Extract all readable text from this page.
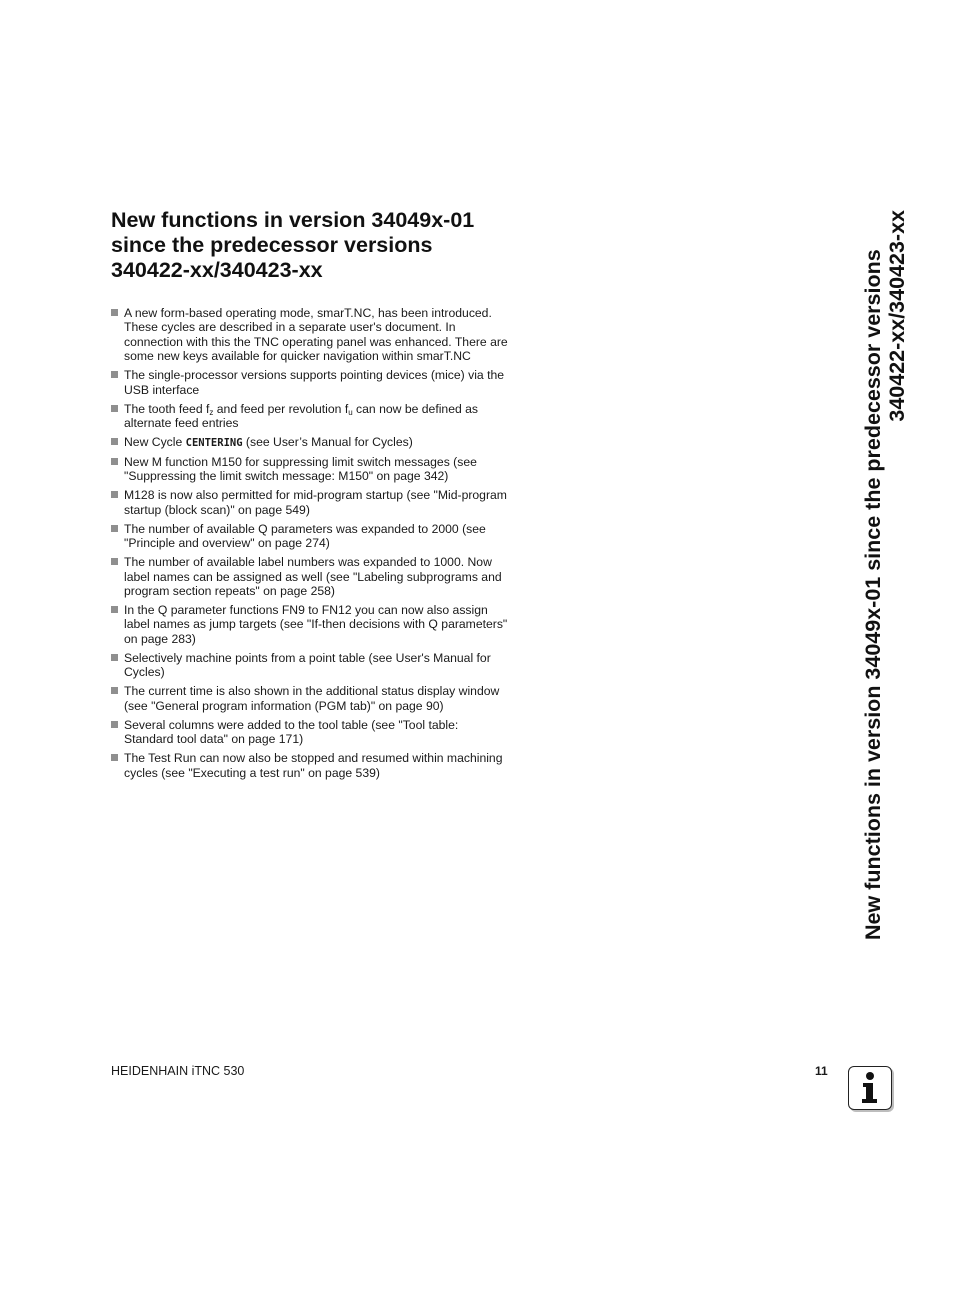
New functions in version 34049x-01
since the predecessor versions
340422-xx/340423-xx
A new form-based operating mode, smarT.NC, has been introduced. These cycles are described in a separate user's document. In connection with this the TNC operating panel was enhanced. There are some new keys available for quicker navigation within smarT.NC
The single-processor versions supports pointing devices (mice) via the USB interface
The tooth feed $f_z$ and feed per revolution $f_u$ can now be defined as alternate feed entries
New Cycle CENTERING (see User’s Manual for Cycles)
New M function M150 for suppressing limit switch messages (see "Suppressing the limit switch message: M150" on page 342)
M128 is now also permitted for mid-program startup (see "Mid-program startup (block scan)" on page 549)
The number of available Q parameters was expanded to 2000 (see "Principle and overview" on page 274)
The number of available label numbers was expanded to 1000. Now label names can be assigned as well (see "Labeling subprograms and program section repeats" on page 258)
In the Q parameter functions FN9 to FN12 you can now also assign label names as jump targets (see "If-then decisions with Q parameters" on page 283)
Selectively machine points from a point table (see User's Manual for Cycles)
The current time is also shown in the additional status display window (see "General program information (PGM tab)" on page 90)
Several columns were added to the tool table (see "Tool table: Standard tool data" on page 171)
The Test Run can now also be stopped and resumed within machining cycles (see "Executing a test run" on page 539)	New functions in version 34049x-01 since the predecessor versions 340422-xx/340423-xx
HEIDENHAIN iTNC 530	11
